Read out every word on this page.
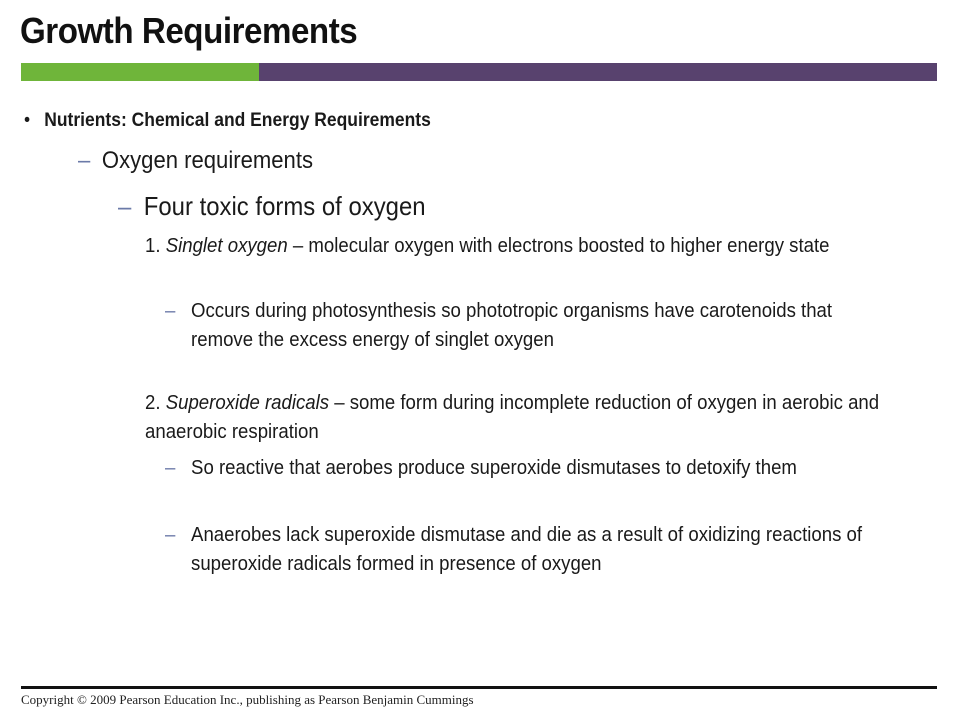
Growth Requirements
• Nutrients: Chemical and Energy Requirements
– Oxygen requirements
– Four toxic forms of oxygen
1. Singlet oxygen – molecular oxygen with electrons boosted to higher energy state
– Occurs during photosynthesis so phototropic organisms have carotenoids that remove the excess energy of singlet oxygen
2. Superoxide radicals – some form during incomplete reduction of oxygen in aerobic and anaerobic respiration
– So reactive that aerobes produce superoxide dismutases to detoxify them
– Anaerobes lack superoxide dismutase and die as a result of oxidizing reactions of superoxide radicals formed in presence of oxygen
Copyright © 2009 Pearson Education Inc., publishing as Pearson Benjamin Cummings
